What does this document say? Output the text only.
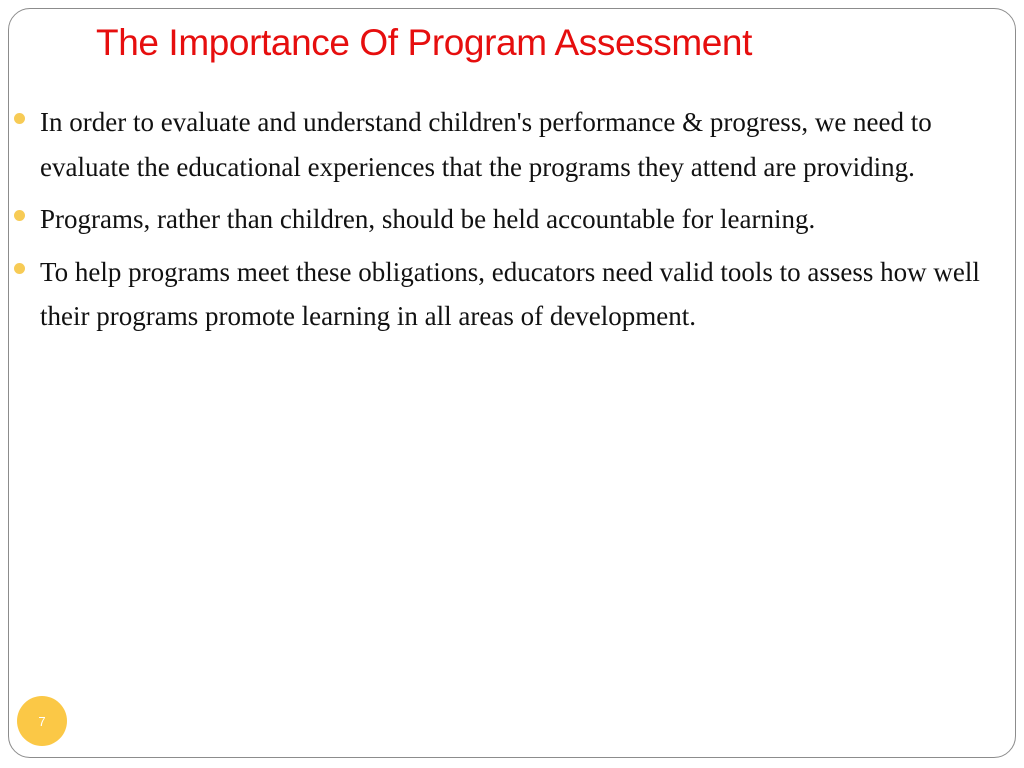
The Importance Of Program Assessment
In order to evaluate and understand children's performance & progress, we need to evaluate the educational experiences that the programs they attend are providing.
Programs, rather than children, should be held accountable for learning.
To help programs meet these obligations, educators need valid tools to assess how well their programs promote learning in all areas of development.
7
